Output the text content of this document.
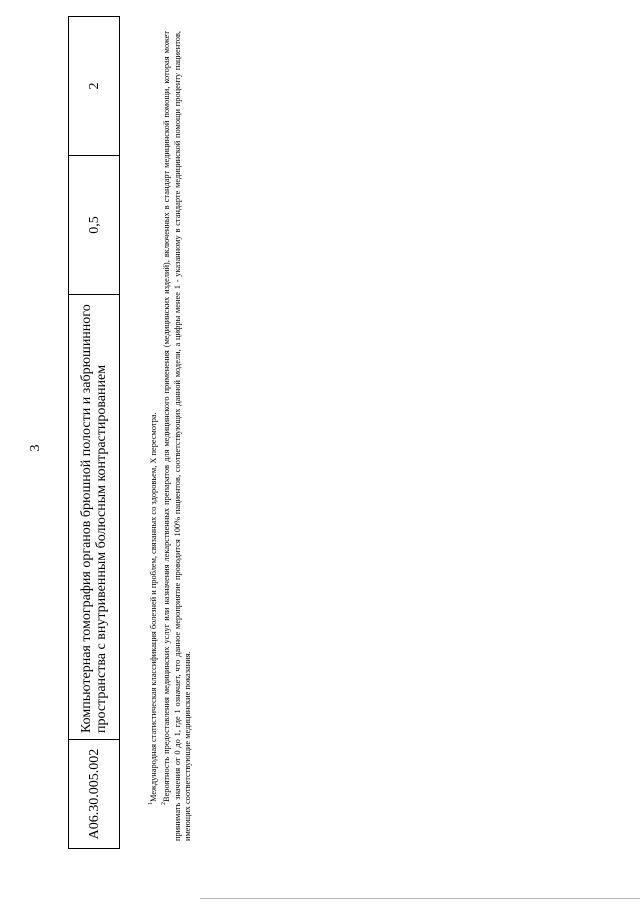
3
A06.30.005.002	Компьютерная томография органов брюшной полости и забрюшинного пространства с внутривенным болюсным контрастированием	0,5	2

$^1$Международная статистическая классификация болезней и проблем, связанных со здоровьем, X пересмотра.

$^2$Вероятность предоставления медицинских услуг или назначения лекарственных препаратов для медицинского применения (медицинских изделий), включенных в стандарт медицинской помощи, которая может принимать значения от 0 до 1, где 1 означает, что данное мероприятие проводится 100% пациентов, соответствующих данной модели, а цифры менее 1 - указанному в стандарте медицинской помощи проценту пациентов, имеющих соответствующие медицинские показания.
